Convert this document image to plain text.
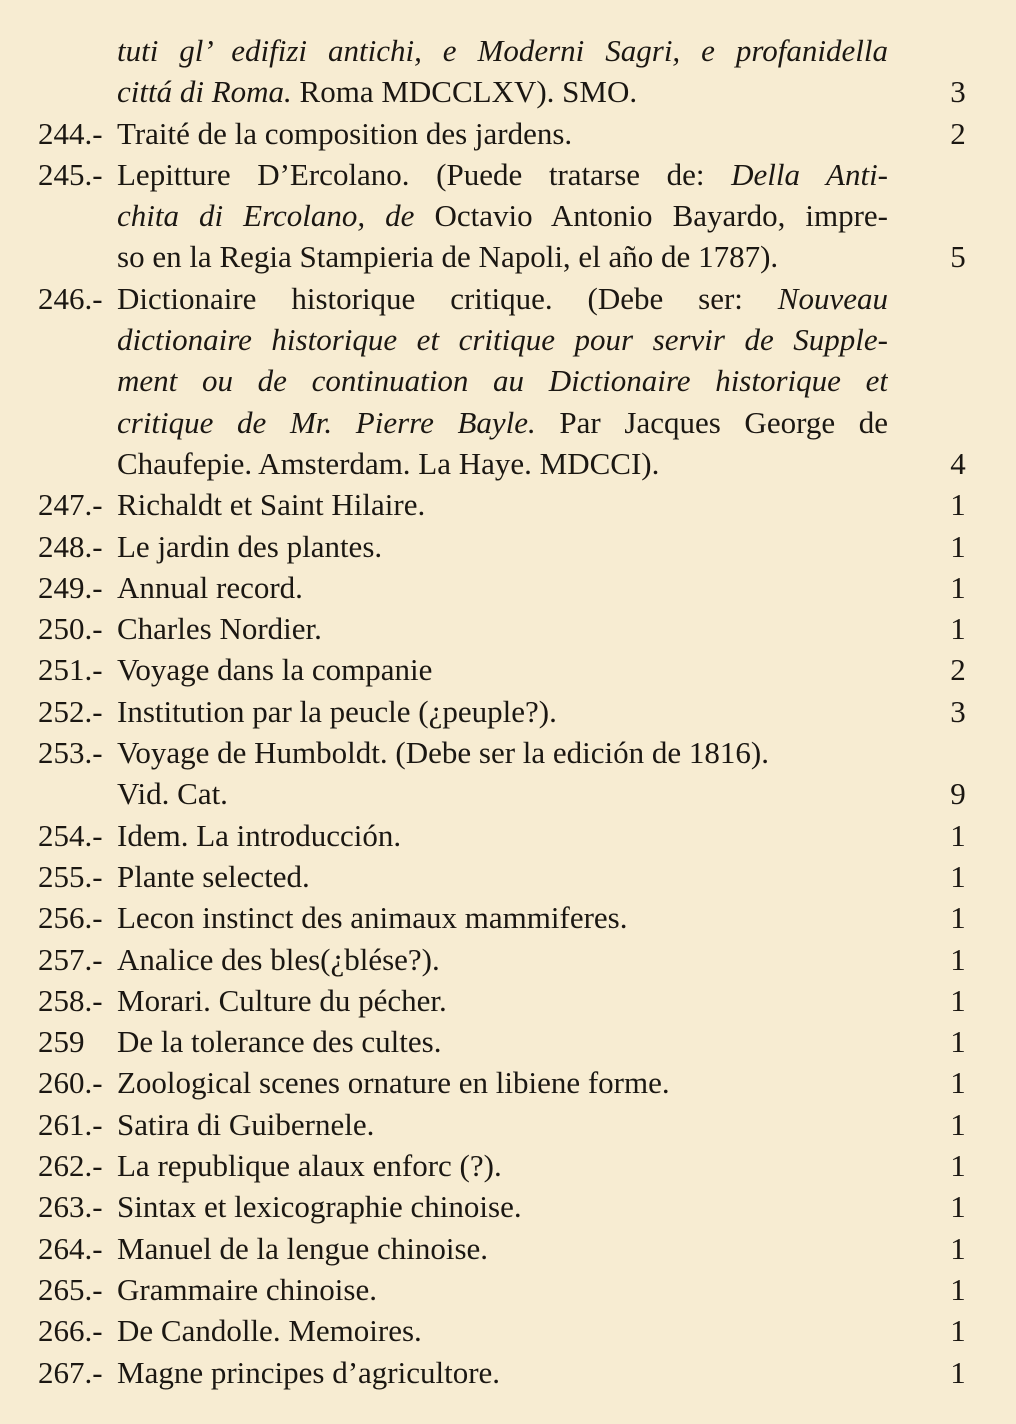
tuti gl’ edifizi antichi, e Moderni Sagri, e profanidella
cittá di Roma. Roma MDCCLXV). SMO.	3
244.- Traité de la composition des jardens.	2
245.- Lepitture D’Ercolano. (Puede tratarse de: Della Anti-
chita di Ercolano, de Octavio Antonio Bayardo, impre-
so en la Regia Stampieria de Napoli, el año de 1787).	5
246.- Dictionaire historique critique. (Debe ser: Nouveau
dictionaire historique et critique pour servir de Supple-
ment ou de continuation au Dictionaire historique et
critique de Mr. Pierre Bayle. Par Jacques George de
Chaufepie. Amsterdam. La Haye. MDCCI).	4
247.- Richaldt et Saint Hilaire.	1
248.- Le jardin des plantes.	1
249.- Annual record.	1
250.- Charles Nordier.	1
251.- Voyage dans la companie	2
252.- Institution par la peucle (¿peuple?).	3
253.- Voyage de Humboldt. (Debe ser la edición de 1816).
Vid. Cat.	9
254.- Idem. La introducción.	1
255.- Plante selected.	1
256.- Lecon instinct des animaux mammiferes.	1
257.- Analice des bles(¿blése?).	1
258.- Morari. Culture du pécher.	1
259	De la tolerance des cultes.	1
260.- Zoological scenes ornature en libiene forme.	1
261.- Satira di Guibernele.	1
262.- La republique alaux enforc (?).	1
263.- Sintax et lexicographie chinoise.	1
264.- Manuel de la lengue chinoise.	1
265.- Grammaire chinoise.	1
266.- De Candolle. Memoires.	1
267.- Magne principes d’agricultore.	1
